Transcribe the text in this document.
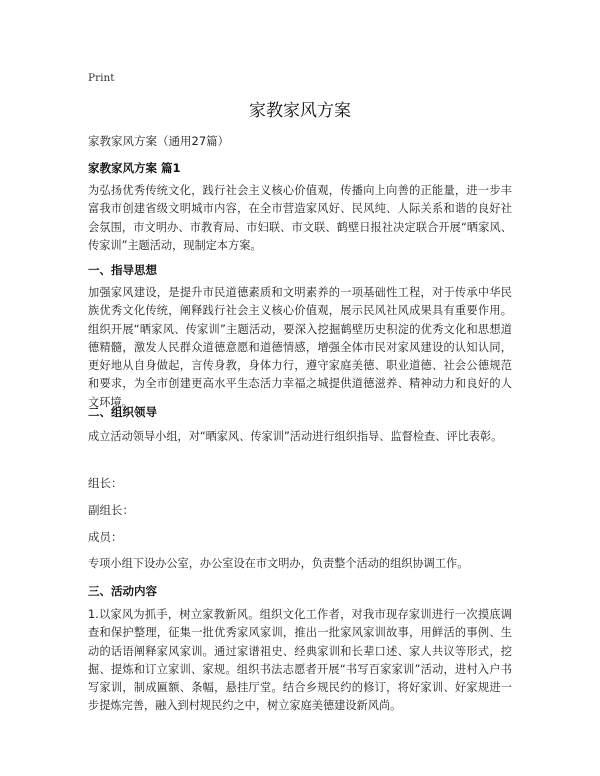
Print
家教家风方案
家教家风方案（通用27篇）
家教家风方案 篇1
为弘扬优秀传统文化，践行社会主义核心价值观，传播向上向善的正能量，进一步丰富我市创建省级文明城市内容，在全市营造家风好、民风纯、人际关系和谐的良好社会氛围，市文明办、市教育局、市妇联、市文联、鹤壁日报社决定联合开展“晒家风、传家训”主题活动，现制定本方案。
一、指导思想
加强家风建设，是提升市民道德素质和文明素养的一项基础性工程，对于传承中华民族优秀文化传统，阐释践行社会主义核心价值观，展示民风社风成果具有重要作用。组织开展“晒家风、传家训”主题活动，要深入挖掘鹤壁历史积淀的优秀文化和思想道德精髓，激发人民群众道德意愿和道德情感，增强全体市民对家风建设的认知认同，更好地从自身做起，言传身教，身体力行，遵守家庭美德、职业道德、社会公德规范和要求，为全市创建更高水平生态活力幸福之城提供道德滋养、精神动力和良好的人文环境。
二、组织领导
成立活动领导小组，对“晒家风、传家训”活动进行组织指导、监督检查、评比表彰。
组长：
副组长：
成员：
专项小组下设办公室，办公室设在市文明办，负责整个活动的组织协调工作。
三、活动内容
1.以家风为抓手，树立家教新风。组织文化工作者，对我市现存家训进行一次摸底调查和保护整理，征集一批优秀家风家训，推出一批家风家训故事，用鲜活的事例、生动的话语阐释家风家训。通过家谱祖史、经典家训和长辈口述、家人共议等形式，挖掘、提炼和订立家训、家规。组织书法志愿者开展“书写百家家训”活动，进村入户书写家训，制成匾额、条幅，悬挂厅堂。结合乡规民约的修订，将好家训、好家规进一步提炼完善，融入到村规民约之中，树立家庭美德建设新风尚。
